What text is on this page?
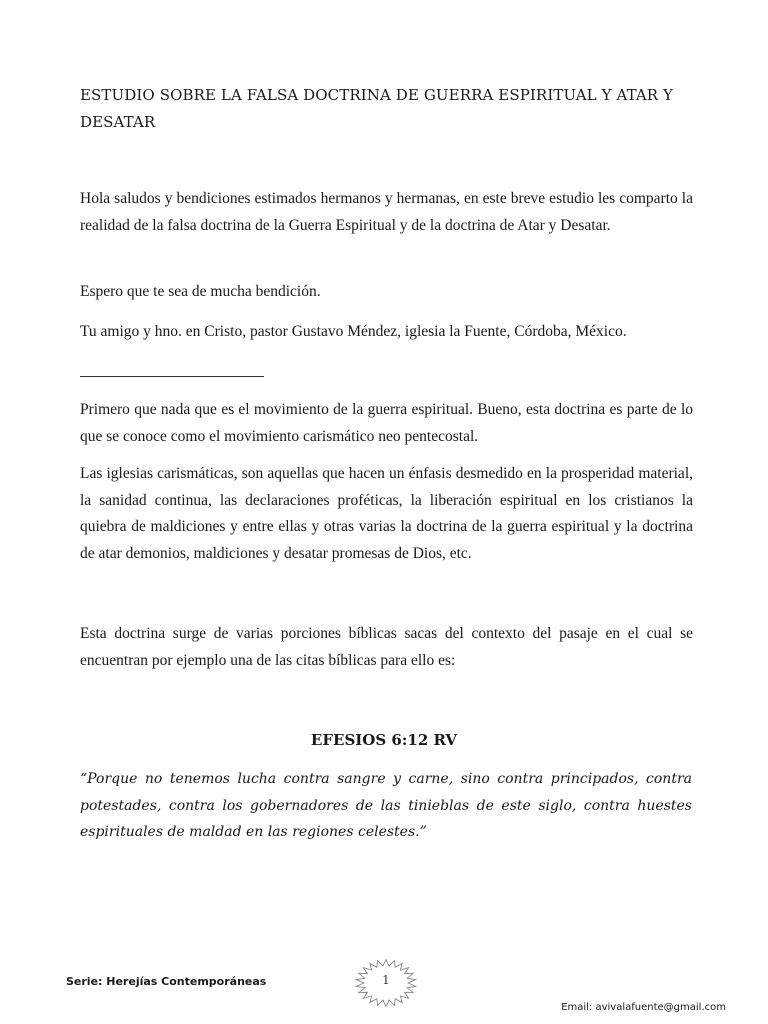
ESTUDIO SOBRE LA FALSA DOCTRINA DE GUERRA ESPIRITUAL Y ATAR Y DESATAR

Hola saludos y bendiciones estimados hermanos y hermanas, en este breve estudio les comparto la realidad de la falsa doctrina de la Guerra Espiritual y de la doctrina de Atar y Desatar.

Espero que te sea de mucha bendición.

Tu amigo y hno. en Cristo, pastor Gustavo Méndez, iglesia la Fuente, Córdoba, México.

Primero que nada que es el movimiento de la guerra espiritual. Bueno, esta doctrina es parte de lo que se conoce como el movimiento carismático neo pentecostal.

Las iglesias carismáticas, son aquellas que hacen un énfasis desmedido en la prosperidad material, la sanidad continua, las declaraciones proféticas, la liberación espiritual en los cristianos la quiebra de maldiciones y entre ellas y otras varias la doctrina de la guerra espiritual y la doctrina de atar demonios, maldiciones y desatar promesas de Dios, etc.

Esta doctrina surge de varias porciones bíblicas sacas del contexto del pasaje en el cual se encuentran por ejemplo una de las citas bíblicas para ello es:

EFESIOS 6:12 RV

“Porque no tenemos lucha contra sangre y carne, sino contra principados, contra potestades, contra los gobernadores de las tinieblas de este siglo, contra huestes espirituales de maldad en las regiones celestes.”

Serie: Herejías Contemporáneas	1
Email: avivalafuente@gmail.com
